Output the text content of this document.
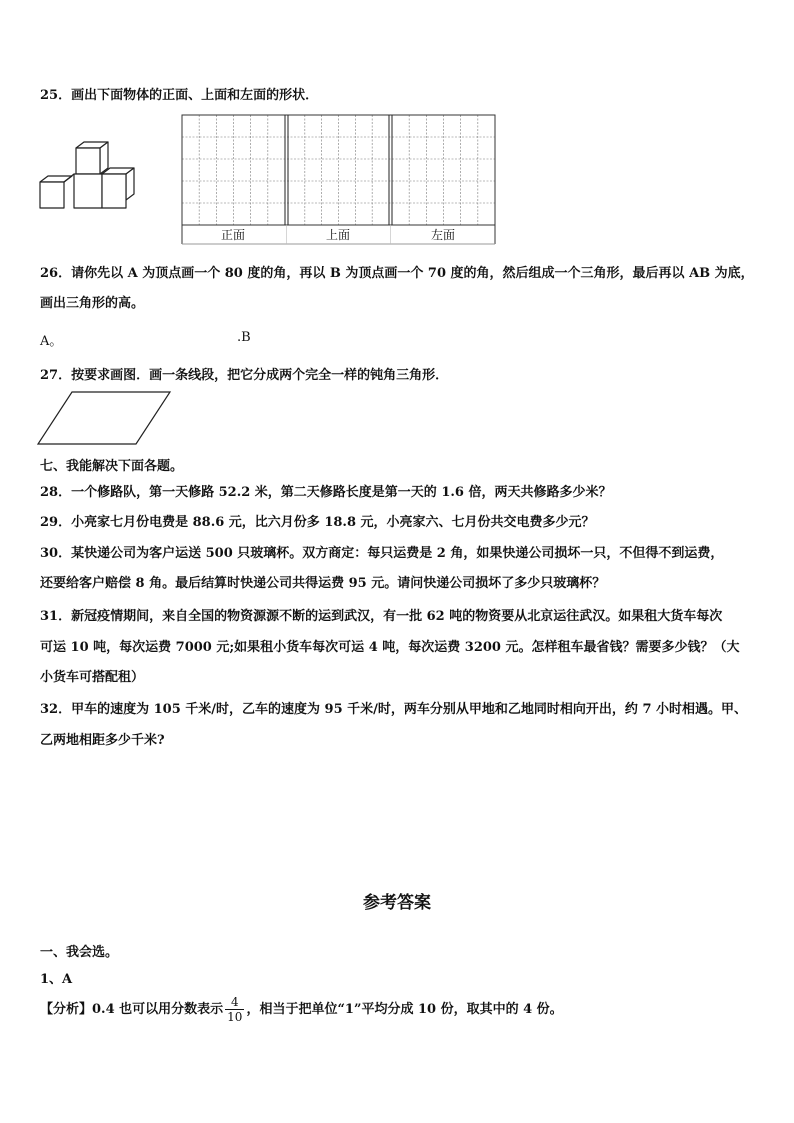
25．画出下面物体的正面、上面和左面的形状．
正面	上面	左面
26．请你先以 A 为顶点画一个 80 度的角，再以 B 为顶点画一个 70 度的角，然后组成一个三角形，最后再以 AB 为底，
画出三角形的高。
A。	.B
27．按要求画图．画一条线段，把它分成两个完全一样的钝角三角形．
七、我能解决下面各题。
28．一个修路队，第一天修路 52.2 米，第二天修路长度是第一天的 1.6 倍，两天共修路多少米？
29．小亮家七月份电费是 88.6 元，比六月份多 18.8 元，小亮家六、七月份共交电费多少元？
30．某快递公司为客户运送 500 只玻璃杯。双方商定：每只运费是 2 角，如果快递公司损坏一只，不但得不到运费，
还要给客户赔偿 8 角。最后结算时快递公司共得运费 95 元。请问快递公司损坏了多少只玻璃杯？
31．新冠疫情期间，来自全国的物资源源不断的运到武汉，有一批 62 吨的物资要从北京运往武汉。如果租大货车每次
可运 10 吨，每次运费 7000 元;如果租小货车每次可运 4 吨，每次运费 3200 元。怎样租车最省钱？需要多少钱？（大
小货车可搭配租）
32．甲车的速度为 105 千米/时，乙车的速度为 95 千米/时，两车分别从甲地和乙地同时相向开出，约 7 小时相遇。甲、
乙两地相距多少千米?
参考答案
一、我会选。
1、A
【分析】0.4 也可以用分数表示 $\frac{4}{10}$ ，相当于把单位“1”平均分成 10 份，取其中的 4 份。
